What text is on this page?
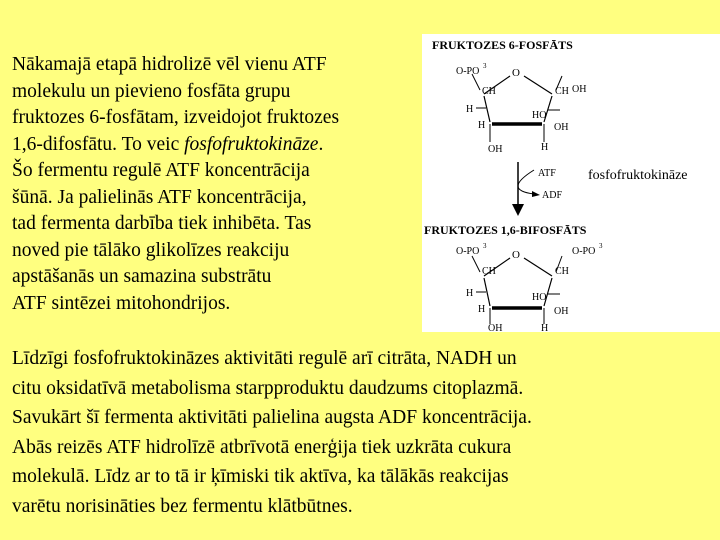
Nākamajā etapā hidrolizē vēl vienu ATF
molekulu un pievieno fosfāta grupu
fruktozes 6-fosfātam, izveidojot fruktozes
1,6-difosfātu. To veic fosfofruktokināze.
Šo fermentu regulē ATF koncentrācija
šūnā. Ja palielinās ATF koncentrācija,
tad fermenta darbība tiek inhibēta. Tas
noved pie tālāko glikolīzes reakciju
apstāšanās un samazina substrātu
ATF sintēzei mitohondrijos.
Līdzīgi fosfofruktokināzes aktivitāti regulē arī citrāta, NADH un
citu oksidatīvā metabolisma starpproduktu daudzums citoplazmā.
Savukārt šī fermenta aktivitāti palielina augsta ADF koncentrācija.
Abās reizēs ATF hidrolīzē atbrīvotā enerģija tiek uzkrāta cukura
molekulā. Līdz ar to tā ir ķīmiski tik aktīva, ka tālākās reakcijas
varētu norisināties bez fermentu klātbūtnes.
FRUKTOZES 6-FOSFĀTS
FRUKTOZES 1,6-BIFOSFĀTS
O-PO 3
O
CH	CH OH
H
HO
H	OH
OH	H
ATF
ADF
fosfofruktokināze
O-PO 3	O-PO 3
O
CH	CH
H	HO
H	OH
OH	H
